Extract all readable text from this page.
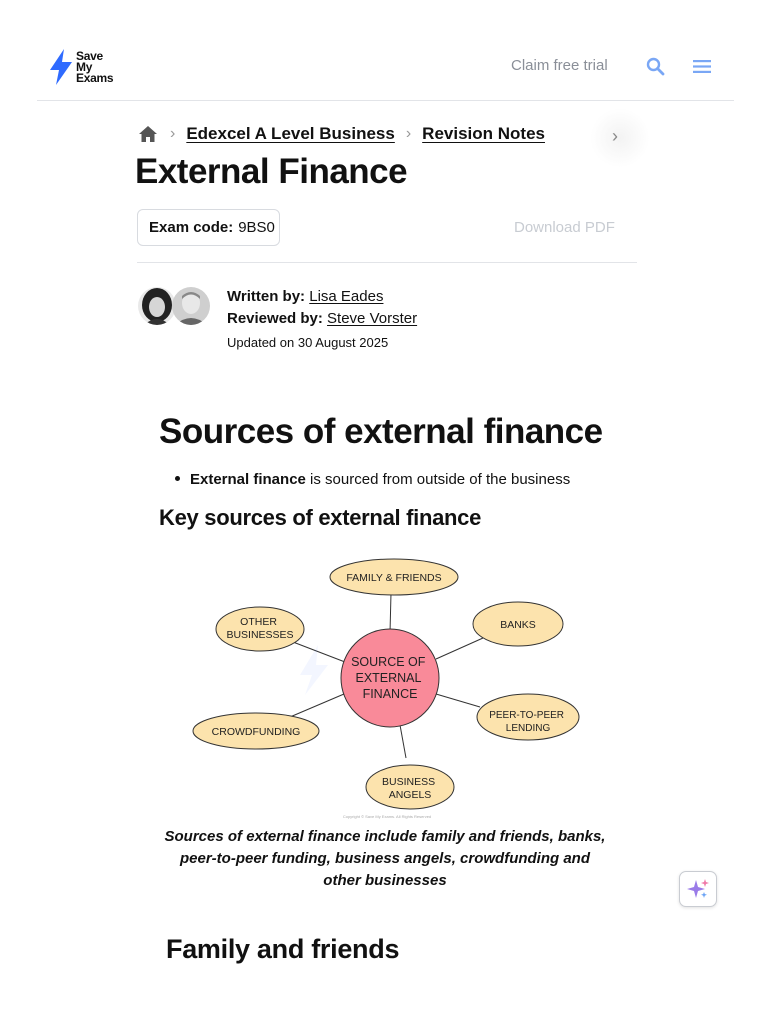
Save
My
Exams
Claim free trial
› Edexcel A Level Business › Revision Notes	›
External Finance
Exam code: 9BS0	Download PDF
Written by: Lisa Eades
Reviewed by: Steve Vorster
Updated on 30 August 2025
Sources of external finance
External finance is sourced from outside of the business
Key sources of external finance
SOURCE OF EXTERNAL FINANCE
FAMILY & FRIENDS
BANKS
PEER-TO-PEER LENDING
BUSINESS ANGELS
CROWDFUNDING
OTHER BUSINESSES
Copyright © Save My Exams. All Rights Reserved
Sources of external finance include family and friends, banks, peer-to-peer funding, business angels, crowdfunding and other businesses
Family and friends
